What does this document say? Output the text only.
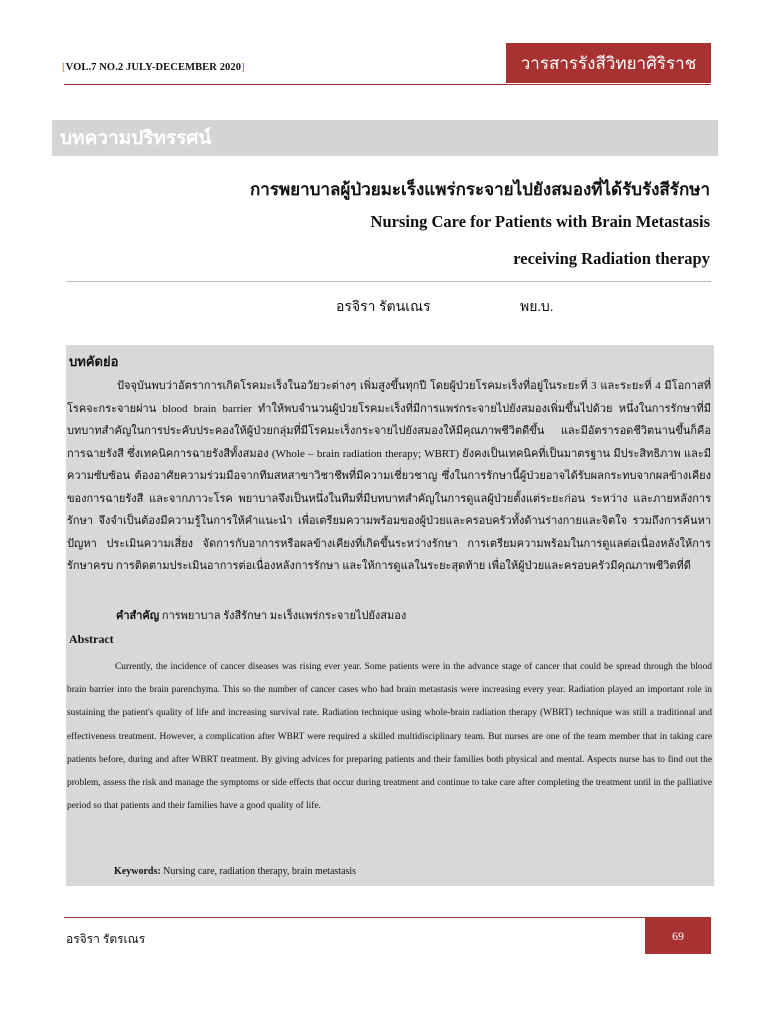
[VOL.7 NO.2 JULY-DECEMBER 2020]	วารสารรังสีวิทยาศิริราช
บทความปริทรรศน์
การพยาบาลผู้ป่วยมะเร็งแพร่กระจายไปยังสมองที่ได้รับรังสีรักษา
Nursing Care for Patients with Brain Metastasis
receiving Radiation therapy
อรจิรา รัตนเณร	พย.บ.
บทคัดย่อ

ปัจจุบันพบว่าอัตราการเกิดโรคมะเร็งในอวัยวะต่างๆ เพิ่มสูงขึ้นทุกปี โดยผู้ป่วยโรคมะเร็งที่อยู่ในระยะที่ 3 และระยะที่ 4 มีโอกาสที่โรคจะกระจายผ่าน blood brain barrier ทำให้พบจำนวนผู้ป่วยโรคมะเร็งที่มีการแพร่กระจายไปยังสมองเพิ่มขึ้นไปด้วย หนึ่งในการรักษาที่มีบทบาทสำคัญในการประคับประคองให้ผู้ป่วยกลุ่มที่มีโรคมะเร็งกระจายไปยังสมองให้มีคุณภาพชีวิตดีขึ้น และมีอัตรารอดชีวิตนานขึ้นก็คือ การฉายรังสี ซึ่งเทคนิคการฉายรังสีทั้งสมอง (Whole – brain radiation therapy; WBRT) ยังคงเป็นเทคนิคที่เป็นมาตรฐาน มีประสิทธิภาพ และมีความซับซ้อน ต้องอาศัยความร่วมมือจากทีมสหสาขาวิชาชีพที่มีความเชี่ยวชาญ ซึ่งในการรักษานี้ผู้ป่วยอาจได้รับผลกระทบจากผลข้างเคียงของการฉายรังสี และจากภาวะโรค พยาบาลจึงเป็นหนึ่งในทีมที่มีบทบาทสำคัญในการดูแลผู้ป่วยตั้งแต่ระยะก่อน ระหว่าง และภายหลังการรักษา จึงจำเป็นต้องมีความรู้ในการให้คำแนะนำ เพื่อเตรียมความพร้อมของผู้ป่วยและครอบครัวทั้งด้านร่างกายและจิตใจ รวมถึงการค้นหาปัญหา ประเมินความเสี่ยง จัดการกับอาการหรือผลข้างเคียงที่เกิดขึ้นระหว่างรักษา การเตรียมความพร้อมในการดูแลต่อเนื่องหลังให้การรักษาครบ การติดตามประเมินอาการต่อเนื่องหลังการรักษา และให้การดูแลในระยะสุดท้าย เพื่อให้ผู้ป่วยและครอบครัวมีคุณภาพชีวิตที่ดี

คำสำคัญ การพยาบาล รังสีรักษา มะเร็งแพร่กระจายไปยังสมอง
Abstract

Currently, the incidence of cancer diseases was rising ever year. Some patients were in the advance stage of cancer that could be spread through the blood brain barrier into the brain parenchyma. This so the number of cancer cases who had brain metastasis were increasing every year. Radiation played an important role in sustaining the patient's quality of life and increasing survival rate. Radiation technique using whole-brain radiation therapy (WBRT) technique was still a traditional and effectiveness treatment. However, a complication after WBRT were required a skilled multidisciplinary team. But nurses are one of the team member that in taking care patients before, during and after WBRT treatment. By giving advices for preparing patients and their families both physical and mental. Aspects nurse has to find out the problem, assess the risk and manage the symptoms or side effects that occur during treatment and continue to take care after completing the treatment until in the palliative period so that patients and their families have a good quality of life.

Keywords: Nursing care, radiation therapy, brain metastasis
อรจิรา รัตรเณร	69
